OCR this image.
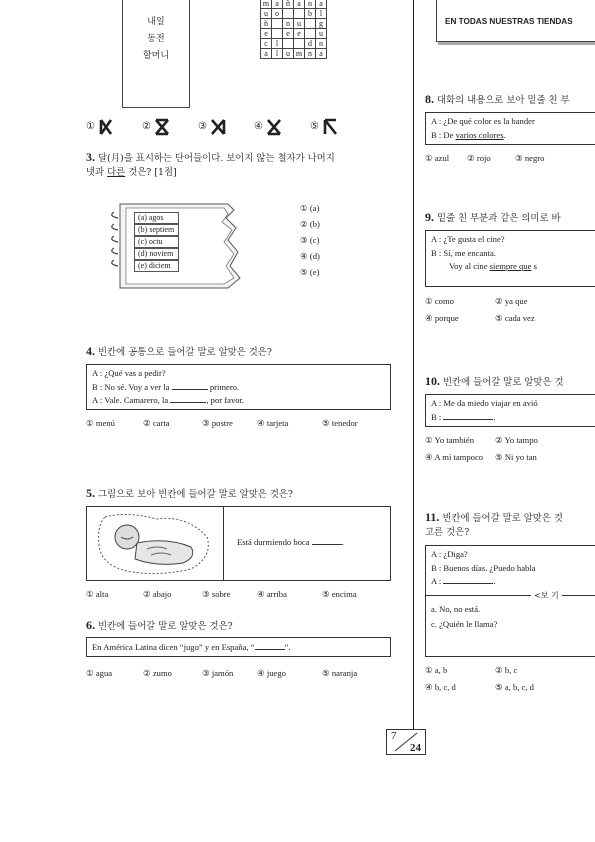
내일
동전
할머니
m	a	ñ	a	n	a
u	o			b	l
ñ		n	u		g
e		e	e		u
c	l			d	n
a	l	u	m	n	a
①	②	③	④	⑤
3. 달(月)을 표시하는 단어들이다. 보이지 않는 철자가 나머지
넷과 다른 것은? [1점]
(a) agos
(b) septiem
(c) octu
(d) noviem
(e) diciem
① (a)
② (b)
③ (c)
④ (d)
⑤ (e)
4. 빈칸에 공통으로 들어갈 말로 알맞은 것은?
A : ¿Qué vas a pedir?
B : No sé. Voy a ver la	primero.
A : Vale. Camarero, la	, por favor.
① menú	② carta	③ postre	④ tarjeta	⑤ tenedor
5. 그림으로 보아 빈칸에 들어갈 말로 알맞은 것은?
Está durmiendo boca	.
① alta	② abajo	③ sobre	④ arriba	⑤ encima
6. 빈칸에 들어갈 말로 알맞은 것은?
En América Latina dicen “jugo” y en España, “	”.
① agua	② zumo	③ jamón	④ juego	⑤ naranja
EN TODAS NUESTRAS TIENDAS
8. 대화의 내용으로 보아 밑줄 친 부
A : ¿De qué color es la bander
B : De varios colores.
① azul ② rojo	③ negro
9. 밑줄 친 부분과 같은 의미로 바
A : ¿Te gusta el cine?
B : Sí, me encanta.
Voy al cine siempre que s
① como	② ya que
④ porque	⑤ cada vez
10. 빈칸에 들어갈 말로 알맞은 것
A : Me da miedo viajar en avió
B :	.
① Yo también ② Yo tampo
④ A mí tampoco ⑤ Ni yo tan
11. 빈칸에 들어갈 말로 알맞은 것
고른 것은?
A : ¿Diga?
B : Buenos días. ¿Puedo habla
A :	.
<보 기
a. No, no está.
c. ¿Quién le llama?
① a, b	② b, c
④ b, c, d	⑤ a, b, c, d
7
24
